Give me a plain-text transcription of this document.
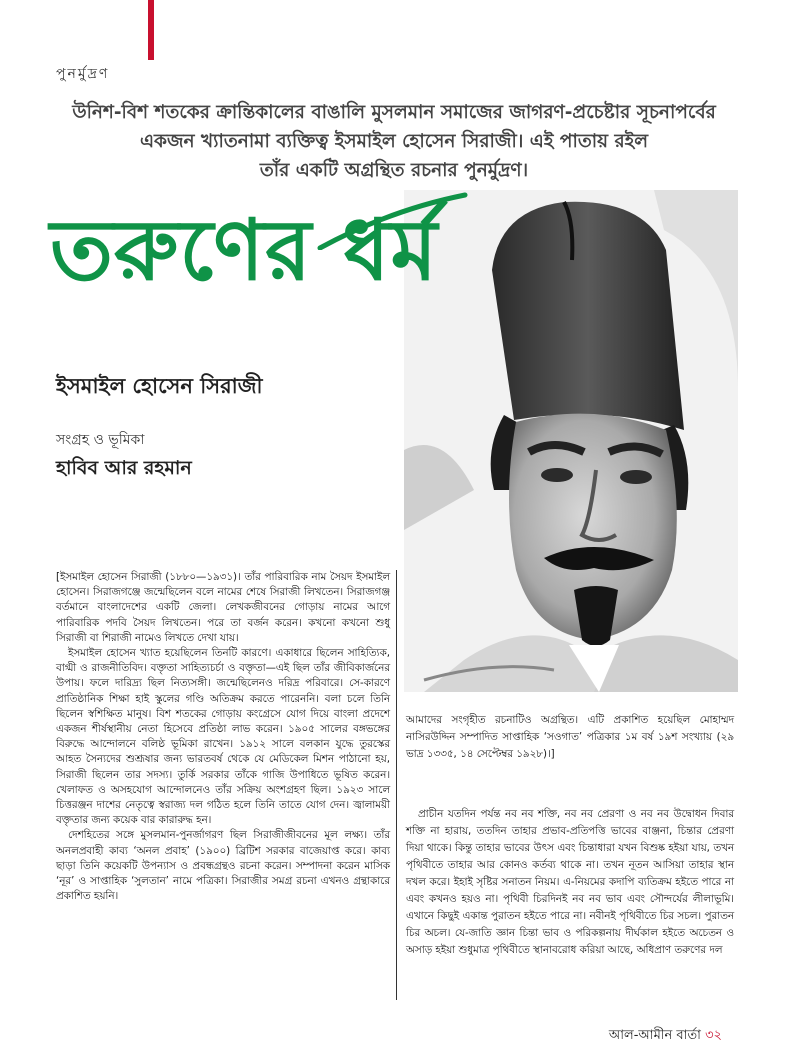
পুনর্মুদ্রণ
উনিশ-বিশ শতকের ক্রান্তিকালের বাঙালি মুসলমান সমাজের জাগরণ-প্রচেষ্টার সূচনাপর্বের
একজন খ্যাতনামা ব্যক্তিত্ব ইসমাইল হোসেন সিরাজী। এই পাতায় রইল
তাঁর একটি অগ্রন্থিত রচনার পুনর্মুদ্রণ।
তরুণের ধর্ম
ইসমাইল হোসেন সিরাজী
সংগ্রহ ও ভূমিকা
হাবিব আর রহমান

[ইসমাইল হোসেন সিরাজী (১৮৮০—১৯৩১)। তাঁর পারিবারিক নাম সৈয়দ ইসমাইল হোসেন। সিরাজগঞ্জে জন্মেছিলেন বলে নামের শেষে সিরাজী লিখতেন। সিরাজগঞ্জ বর্তমানে বাংলাদেশের একটি জেলা। লেখকজীবনের গোড়ায় নামের আগে পারিবারিক পদবি সৈয়দ লিখতেন। পরে তা বর্জন করেন। কখনো কখনো শুধু সিরাজী বা শিরাজী নামেও লিখতে দেখা যায়।

ইসমাইল হোসেন খ্যাত হয়েছিলেন তিনটি কারণে। একাধারে ছিলেন সাহিত্যিক, বাগ্মী ও রাজনীতিবিদ। বক্তৃতা সাহিত্যচর্চা ও বক্তৃতা—এই ছিল তাঁর জীবিকার্জনের উপায়। ফলে দারিদ্র্য ছিল নিত্যসঙ্গী। জন্মেছিলেনও দরিদ্র পরিবারে। সে-কারণে প্রাতিষ্ঠানিক শিক্ষা হাই স্কুলের গণ্ডি অতিক্রম করতে পারেননি। বলা চলে তিনি ছিলেন স্বশিক্ষিত মানুষ। বিশ শতকের গোড়ায় কংগ্রেসে যোগ দিয়ে বাংলা প্রদেশে একজন শীর্ষস্থানীয় নেতা হিসেবে প্রতিষ্ঠা লাভ করেন। ১৯০৫ সালের বঙ্গভঙ্গের বিরুদ্ধে আন্দোলনে বলিষ্ঠ ভূমিকা রাখেন। ১৯১২ সালে বলকান যুদ্ধে তুরস্কের আহত সৈন্যদের শুশ্রূষার জন্য ভারতবর্ষ থেকে যে মেডিকেল মিশন পাঠানো হয়, সিরাজী ছিলেন তার সদস্য। তুর্কি সরকার তাঁকে গাজি উপাধিতে ভূষিত করেন। খেলাফত ও অসহযোগ আন্দোলনেও তাঁর সক্রিয় অংশগ্রহণ ছিল। ১৯২৩ সালে চিত্তরঞ্জন দাশের নেতৃত্বে স্বরাজ্য দল গঠিত হলে তিনি তাতে যোগ দেন। জ্বালাময়ী বক্তৃতার জন্য কয়েক বার কারারুদ্ধ হন।

দেশহিতের সঙ্গে মুসলমান-পুনর্জাগরণ ছিল সিরাজীজীবনের মূল লক্ষ্য। তাঁর অনলপ্রবাহী কাব্য ‘অনল প্রবাহ’ (১৯০০) ব্রিটিশ সরকার বাজেয়াপ্ত করে। কাব্য ছাড়া তিনি কয়েকটি উপন্যাস ও প্রবন্ধগ্রন্থও রচনা করেন। সম্পাদনা করেন মাসিক ‘নূর’ ও সাপ্তাহিক ‘সুলতান’ নামে পত্রিকা। সিরাজীর সমগ্র রচনা এখনও গ্রন্থাকারে প্রকাশিত হয়নি।

আমাদের সংগৃহীত রচনাটিও অগ্রন্থিত। এটি প্রকাশিত হয়েছিল মোহাম্মদ নাসিরউদ্দিন সম্পাদিত সাপ্তাহিক ‘সওগাত’ পত্রিকার ১ম বর্ষ ১৯শ সংখ্যায় (২৯ ভাদ্র ১৩৩৫, ১৪ সেপ্টেম্বর ১৯২৮)।]

প্রাচীন যতদিন পর্যন্ত নব নব শক্তি, নব নব প্রেরণা ও নব নব উদ্বোধন দিবার শক্তি না হারায়, ততদিন তাহার প্রভাব-প্রতিপত্তি ভাবের বাঞ্জনা, চিন্তার প্রেরণা দিয়া থাকে। কিন্তু তাহার ভাবের উৎস এবং চিন্তাধারা যখন বিশুষ্ক হইয়া যায়, তখন পৃথিবীতে তাহার আর কোনও কর্তব্য থাকে না। তখন নূতন আসিয়া তাহার স্থান দখল করে। ইহাই সৃষ্টির সনাতন নিয়ম। এ-নিয়মের কদাপি ব্যতিক্রম হইতে পারে না এবং কখনও হয়ও না। পৃথিবী চিরদিনই নব নব ভাব এবং সৌন্দর্যের লীলাভূমি। এখানে কিছুই একান্ত পুরাতন হইতে পারে না। নবীনই পৃথিবীতে চির সচল। পুরাতন চির অচল। যে-জাতি জ্ঞান চিন্তা ভাব ও পরিকল্পনায় দীর্ঘকাল হইতে অচেতন ও অসাড় হইয়া শুধুমাত্র পৃথিবীতে স্থানাবরোধ করিয়া আছে, অধিপ্রাণ তরুণের দল

আল-আমীন বার্তা ৩২
